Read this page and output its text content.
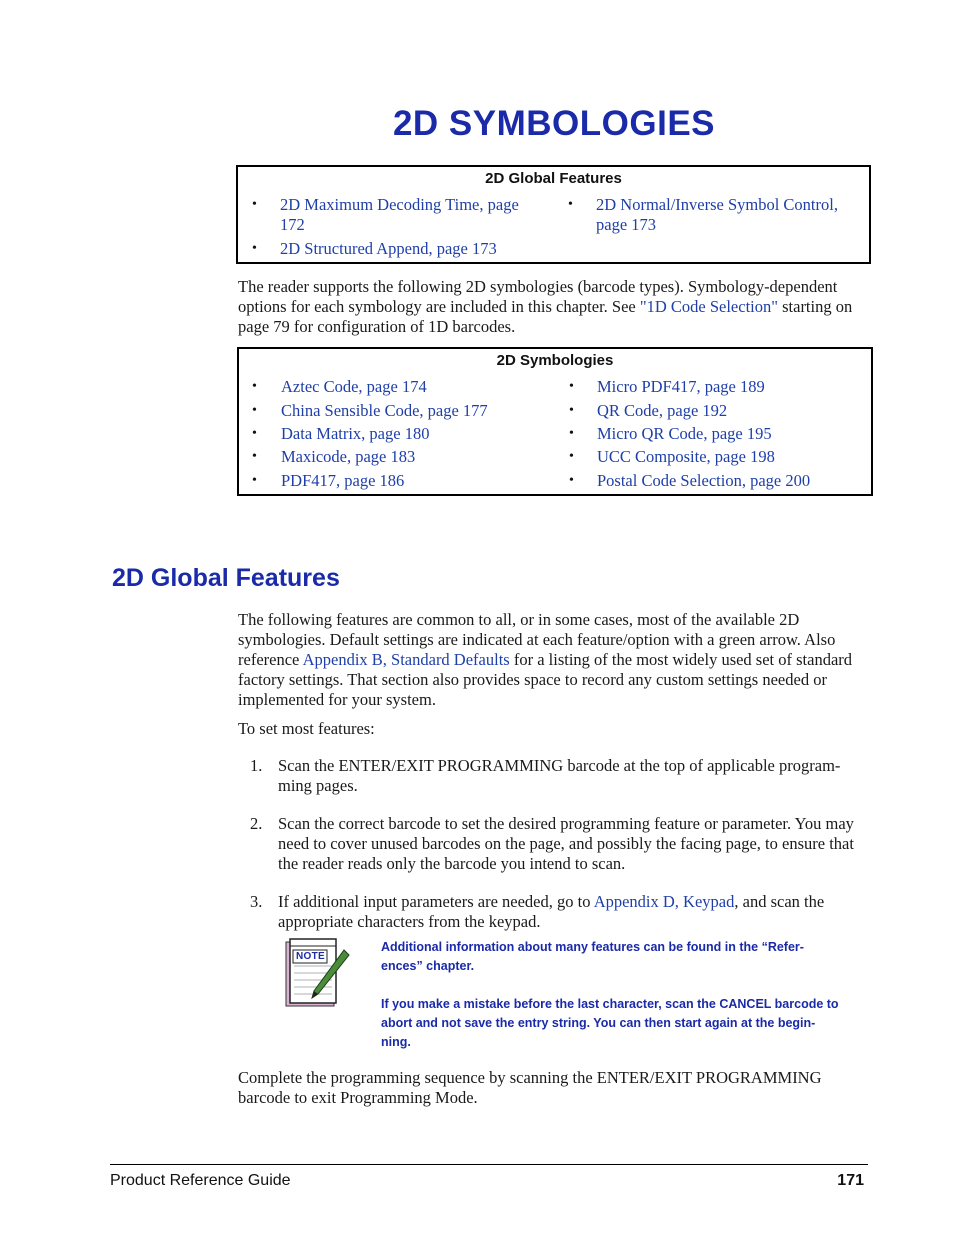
2D SYMBOLOGIES
2D Global Features
• 2D Maximum Decoding Time, page
172
• 2D Normal/Inverse Symbol Control,
page 173
• 2D Structured Append, page 173
The reader supports the following 2D symbologies (barcode types). Symbology-dependent
options for each symbology are included in this chapter. See "1D Code Selection" starting on
page 79 for configuration of 1D barcodes.
2D Symbologies
• Aztec Code, page 174
• China Sensible Code, page 177
• Data Matrix, page 180
• Maxicode, page 183
• PDF417, page 186
• Micro PDF417, page 189
• QR Code, page 192
• Micro QR Code, page 195
• UCC Composite, page 198
• Postal Code Selection, page 200
2D Global Features
The following features are common to all, or in some cases, most of the available 2D
symbologies. Default settings are indicated at each feature/option with a green arrow. Also
reference Appendix B, Standard Defaults for a listing of the most widely used set of standard
factory settings. That section also provides space to record any custom settings needed or
implemented for your system.
To set most features:
1. Scan the ENTER/EXIT PROGRAMMING barcode at the top of applicable program-
ming pages.
2. Scan the correct barcode to set the desired programming feature or parameter. You may
need to cover unused barcodes on the page, and possibly the facing page, to ensure that
the reader reads only the barcode you intend to scan.
3. If additional input parameters are needed, go to Appendix D, Keypad, and scan the
appropriate characters from the keypad.
NOTE
Additional information about many features can be found in the “Refer-
ences” chapter.
If you make a mistake before the last character, scan the CANCEL barcode to
abort and not save the entry string. You can then start again at the begin-
ning.
Complete the programming sequence by scanning the ENTER/EXIT PROGRAMMING
barcode to exit Programming Mode.
Product Reference Guide	171
